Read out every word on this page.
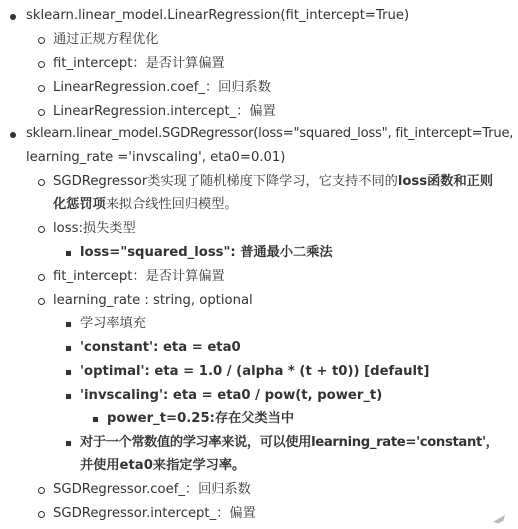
sklearn.linear_model.LinearRegression(fit_intercept=True)
通过正规方程优化
fit_intercept：是否计算偏置
LinearRegression.coef_：回归系数
LinearRegression.intercept_：偏置
sklearn.linear_model.SGDRegressor(loss="squared_loss", fit_intercept=True,
learning_rate ='invscaling', eta0=0.01)
SGDRegressor类实现了随机梯度下降学习，它支持不同的loss函数和正则
化惩罚项来拟合线性回归模型。
loss:损失类型
loss="squared_loss": 普通最小二乘法
fit_intercept：是否计算偏置
learning_rate : string, optional
学习率填充
'constant': eta = eta0
'optimal': eta = 1.0 / (alpha * (t + t0)) [default]
'invscaling': eta = eta0 / pow(t, power_t)
power_t=0.25:存在父类当中
对于一个常数值的学习率来说，可以使用learning_rate='constant'，
并使用eta0来指定学习率。
SGDRegressor.coef_：回归系数
SGDRegressor.intercept_：偏置
